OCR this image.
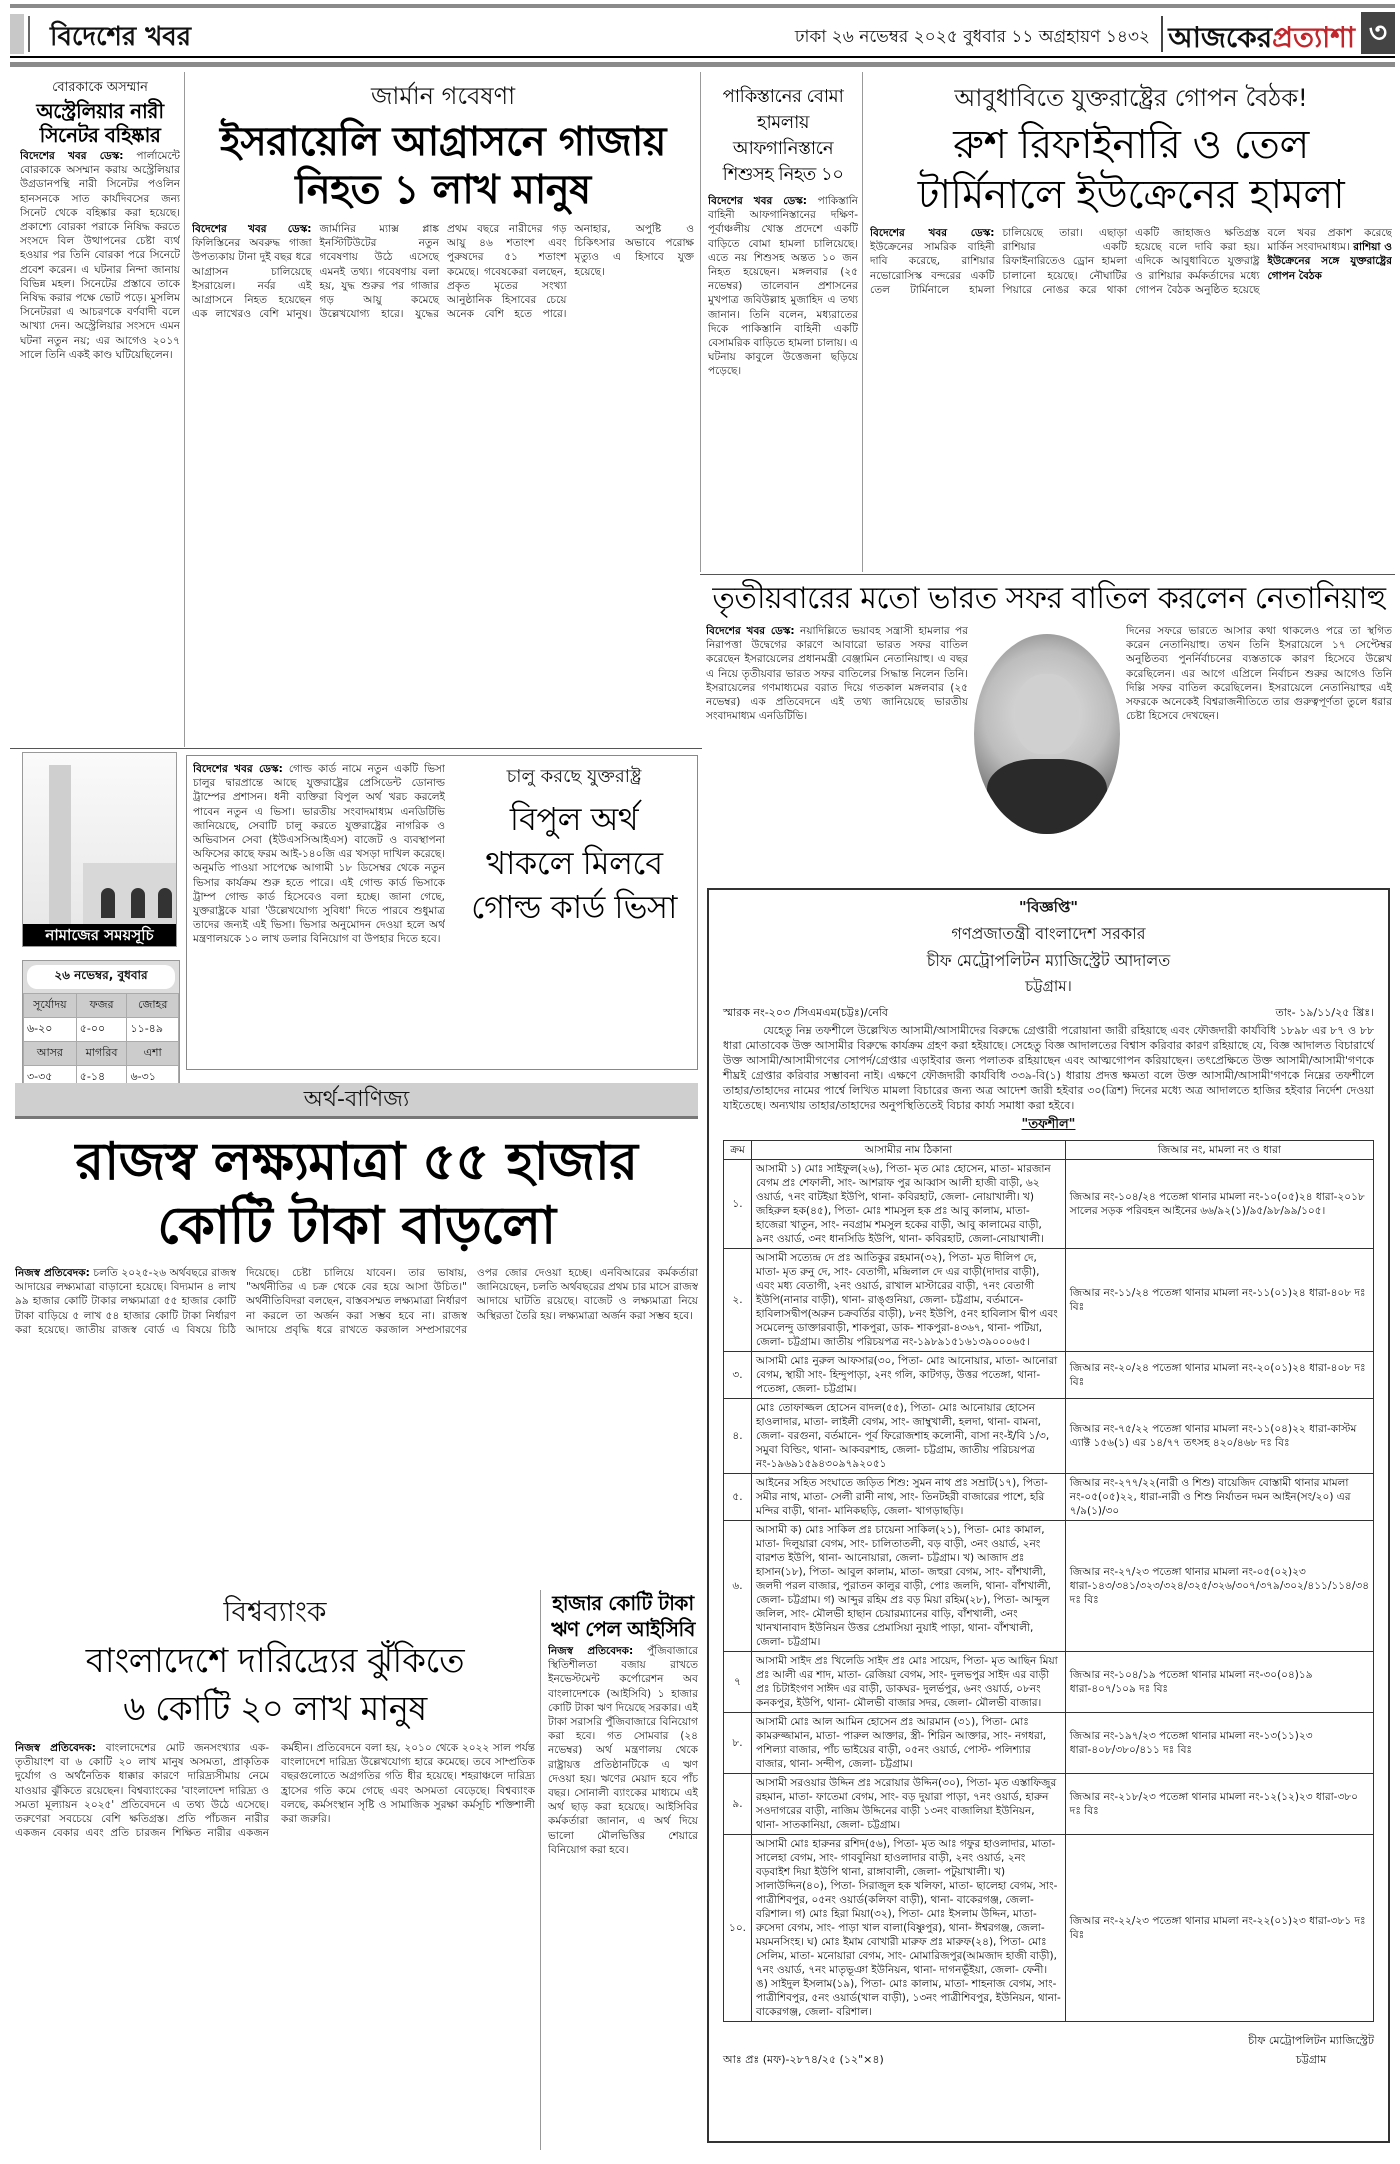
বিদেশের খবর	ঢাকা ২৬ নভেম্বর ২০২৫ বুধবার ১১ অগ্রহায়ণ ১৪৩২ আজকেরপ্রত্যাশা ৩
বোরকাকে অসম্মান
অস্ট্রেলিয়ার নারী
সিনেটর বহিষ্কার
বিদেশের খবর ডেস্ক: পার্লামেন্টে বোরকাকে অসম্মান করায় অস্ট্রেলিয়ার উগ্রডানপন্থি নারী সিনেটর পওলিন হানসনকে সাত কার্যদিবসের জন্য সিনেট থেকে বহিষ্কার করা হয়েছে। প্রকাশ্যে বোরকা পরাকে নিষিদ্ধ করতে সংসদে বিল উত্থাপনের চেষ্টা ব্যর্থ হওয়ার পর তিনি বোরকা পরে সিনেটে প্রবেশ করেন। এ ঘটনার নিন্দা জানায় বিভিন্ন মহল। সিনেটের প্রস্তাবে তাকে নিষিদ্ধ করার পক্ষে ভোট পড়ে। মুসলিম সিনেটররা এ আচরণকে বর্ণবাদী বলে আখ্যা দেন। অস্ট্রেলিয়ার সংসদে এমন ঘটনা নতুন নয়; এর আগেও ২০১৭ সালে তিনি একই কাণ্ড ঘটিয়েছিলেন।
জার্মান গবেষণা
ইসরায়েলি আগ্রাসনে গাজায়
নিহত ১ লাখ মানুষ
বিদেশের খবর ডেস্ক: ফিলিস্তিনের অবরুদ্ধ গাজা উপত্যকায় টানা দুই বছর ধরে আগ্রাসন চালিয়েছে ইসরায়েল। নর্বর এই আগ্রাসনে নিহত হয়েছেন এক লাখেরও বেশি মানুষ। জার্মানির ম্যাক্স প্লাঙ্ক ইনস্টিটিউটের নতুন গবেষণায় উঠে এসেছে এমনই তথ্য। গবেষণায় বলা হয়, যুদ্ধ শুরুর পর গাজার গড় আয়ু কমেছে উল্লেখযোগ্য হারে। যুদ্ধের প্রথম বছরে নারীদের গড় আয়ু ৪৬ শতাংশ এবং পুরুষদের ৫১ শতাংশ কমেছে। গবেষকেরা বলছেন, প্রকৃত মৃতের সংখ্যা আনুষ্ঠানিক হিসাবের চেয়ে অনেক বেশি হতে পারে। অনাহার, অপুষ্টি ও চিকিৎসার অভাবে পরোক্ষ মৃত্যুও এ হিসাবে যুক্ত হয়েছে।
পাকিস্তানের বোমা হামলায় আফগানিস্তানে শিশুসহ নিহত ১০
বিদেশের খবর ডেস্ক: পাকিস্তানি বাহিনী আফগানিস্তানের দক্ষিণ-পূর্বাঞ্চলীয় খোস্ত প্রদেশে একটি বাড়িতে বোমা হামলা চালিয়েছে। এতে নয় শিশুসহ অন্তত ১০ জন নিহত হয়েছেন। মঙ্গলবার (২৫ নভেম্বর) তালেবান প্রশাসনের মুখপাত্র জবিউল্লাহ মুজাহিদ এ তথ্য জানান। তিনি বলেন, মধ্যরাতের দিকে পাকিস্তানি বাহিনী একটি বেসামরিক বাড়িতে হামলা চালায়। এ ঘটনায় কাবুলে উত্তেজনা ছড়িয়ে পড়েছে।
আবুধাবিতে যুক্তরাষ্ট্রের গোপন বৈঠক!
রুশ রিফাইনারি ও তেল
টার্মিনালে ইউক্রেনের হামলা
বিদেশের খবর ডেস্ক: ইউক্রেনের সামরিক বাহিনী দাবি করেছে, রাশিয়ার নভোরোসিস্ক বন্দরের একটি তেল টার্মিনালে হামলা চালিয়েছে তারা। এছাড়া রাশিয়ার একটি রিফাইনারিতেও ড্রোন হামলা চালানো হয়েছে। নৌঘাটির পিয়ারে নোঙর করে থাকা একটি জাহাজও ক্ষতিগ্রস্ত হয়েছে বলে দাবি করা হয়। এদিকে আবুধাবিতে যুক্তরাষ্ট্র ও রাশিয়ার কর্মকর্তাদের মধ্যে গোপন বৈঠক অনুষ্ঠিত হয়েছে বলে খবর প্রকাশ করেছে মার্কিন সংবাদমাধ্যম। রাশিয়া ও ইউক্রেনের সঙ্গে যুক্তরাষ্ট্রের গোপন বৈঠক
তৃতীয়বারের মতো ভারত সফর বাতিল করলেন নেতানিয়াহু
বিদেশের খবর ডেস্ক: নয়াদিল্লিতে ভয়াবহ সন্ত্রাসী হামলার পর নিরাপত্তা উদ্বেগের কারণে আবারো ভারত সফর বাতিল করেছেন ইসরায়েলের প্রধানমন্ত্রী বেঞ্জামিন নেতানিয়াহু। এ বছর এ নিয়ে তৃতীয়বার ভারত সফর বাতিলের সিদ্ধান্ত নিলেন তিনি। ইসরায়েলের গণমাধ্যমের বরাত দিয়ে গতকাল মঙ্গলবার (২৫ নভেম্বর) এক প্রতিবেদনে এই তথ্য জানিয়েছে ভারতীয় সংবাদমাধ্যম এনডিটিভি।
দিনের সফরে ভারতে আসার কথা থাকলেও পরে তা স্থগিত করেন নেতানিয়াহু। তখন তিনি ইসরায়েলে ১৭ সেপ্টেম্বর অনুষ্ঠিতব্য পুনর্নির্বাচনের ব্যস্ততাকে কারণ হিসেবে উল্লেখ করেছিলেন। এর আগে এপ্রিলে নির্বাচন শুরুর আগেও তিনি দিল্লি সফর বাতিল করেছিলেন। ইসরায়েলে নেতানিয়াহুর এই সফরকে অনেকেই বিশ্বরাজনীতিতে তার গুরুত্বপূর্ণতা তুলে ধরার চেষ্টা হিসেবে দেখছেন।
নামাজের সময়সূচি
২৬ নভেম্বর, বুধবার
সূর্যোদয়	ফজর	জোহর
৬-২০	৫-০০	১১-৪৯
আসর	মাগরিব	এশা
৩-৩৫	৫-১৪	৬-৩১
বিদেশের খবর ডেস্ক: গোল্ড কার্ড নামে নতুন একটি ভিসা চালুর দ্বারপ্রান্তে আছে যুক্তরাষ্ট্রের প্রেসিডেন্ট ডোনাল্ড ট্রাম্পের প্রশাসন। ধনী ব্যক্তিরা বিপুল অর্থ খরচ করলেই পাবেন নতুন এ ভিসা। ভারতীয় সংবাদমাধ্যম এনডিটিভি জানিয়েছে, সেবাটি চালু করতে যুক্তরাষ্ট্রের নাগরিক ও অভিবাসন সেবা (ইউএসসিআইএস) বাজেট ও ব্যবস্থাপনা অফিসের কাছে ফরম আই-১৪০জি এর খসড়া দাখিল করেছে। অনুমতি পাওয়া সাপেক্ষে আগামী ১৮ ডিসেম্বর থেকে নতুন ভিসার কার্যক্রম শুরু হতে পারে। এই গোল্ড কার্ড ভিসাকে ট্রাম্প গোল্ড কার্ড হিসেবেও বলা হচ্ছে। জানা গেছে, যুক্তরাষ্ট্রকে যারা 'উল্লেখযোগ্য সুবিধা' দিতে পারবে শুধুমাত্র তাদের জন্যই এই ভিসা। ভিসার অনুমোদন দেওয়া হলে অর্থ মন্ত্রণালয়কে ১০ লাখ ডলার বিনিয়োগ বা উপহার দিতে হবে।
চালু করছে যুক্তরাষ্ট্র
বিপুল অর্থ
থাকলে মিলবে
গোল্ড কার্ড ভিসা
অর্থ-বাণিজ্য
রাজস্ব লক্ষ্যমাত্রা ৫৫ হাজার
কোটি টাকা বাড়লো
নিজস্ব প্রতিবেদক: চলতি ২০২৫-২৬ অর্থবছরে রাজস্ব আদায়ের লক্ষ্যমাত্রা বাড়ানো হয়েছে। বিদ্যমান ৪ লাখ ৯৯ হাজার কোটি টাকার লক্ষ্যমাত্রা ৫৫ হাজার কোটি টাকা বাড়িয়ে ৫ লাখ ৫৪ হাজার কোটি টাকা নির্ধারণ করা হয়েছে। জাতীয় রাজস্ব বোর্ড এ বিষয়ে চিঠি দিয়েছে। চেষ্টা চালিয়ে যাবেন। তার ভাষায়, "অর্থনীতির এ চক্র থেকে বের হয়ে আসা উচিত।" অর্থনীতিবিদরা বলছেন, বাস্তবসম্মত লক্ষ্যমাত্রা নির্ধারণ না করলে তা অর্জন করা সম্ভব হবে না। রাজস্ব আদায়ে প্রবৃদ্ধি ধরে রাখতে করজাল সম্প্রসারণের ওপর জোর দেওয়া হচ্ছে। এনবিআরের কর্মকর্তারা জানিয়েছেন, চলতি অর্থবছরের প্রথম চার মাসে রাজস্ব আদায়ে ঘাটতি রয়েছে। বাজেট ও লক্ষ্যমাত্রা নিয়ে অস্থিরতা তৈরি হয়। লক্ষ্যমাত্রা অর্জন করা সম্ভব হবে।
বিশ্বব্যাংক
বাংলাদেশে দারিদ্র্যের ঝুঁকিতে
৬ কোটি ২০ লাখ মানুষ
নিজস্ব প্রতিবেদক: বাংলাদেশের মোট জনসংখ্যার এক-তৃতীয়াংশ বা ৬ কোটি ২০ লাখ মানুষ অসমতা, প্রাকৃতিক দুর্যোগ ও অর্থনৈতিক ধাক্কার কারণে দারিদ্র্যসীমায় নেমে যাওয়ার ঝুঁকিতে রয়েছেন। বিশ্বব্যাংকের 'বাংলাদেশ দারিদ্র্য ও সমতা মূল্যায়ন ২০২৫' প্রতিবেদনে এ তথ্য উঠে এসেছে। তরুণেরা সবচেয়ে বেশি ক্ষতিগ্রস্ত। প্রতি পাঁচজন নারীর একজন বেকার এবং প্রতি চারজন শিক্ষিত নারীর একজন কর্মহীন। প্রতিবেদনে বলা হয়, ২০১০ থেকে ২০২২ সাল পর্যন্ত বাংলাদেশে দারিদ্র্য উল্লেখযোগ্য হারে কমেছে। তবে সাম্প্রতিক বছরগুলোতে অগ্রগতির গতি ধীর হয়েছে। শহরাঞ্চলে দারিদ্র্য হ্রাসের গতি কমে গেছে এবং অসমতা বেড়েছে। বিশ্বব্যাংক বলছে, কর্মসংস্থান সৃষ্টি ও সামাজিক সুরক্ষা কর্মসূচি শক্তিশালী করা জরুরি।
হাজার কোটি টাকা
ঋণ পেল আইসিবি
নিজস্ব প্রতিবেদক: পুঁজিবাজারে স্থিতিশীলতা বজায় রাখতে ইনভেস্টমেন্ট কর্পোরেশন অব বাংলাদেশকে (আইসিবি) ১ হাজার কোটি টাকা ঋণ দিয়েছে সরকার। এই টাকা সরাসরি পুঁজিবাজারে বিনিয়োগ করা হবে। গত সোমবার (২৪ নভেম্বর) অর্থ মন্ত্রণালয় থেকে রাষ্ট্রায়ত্ত প্রতিষ্ঠানটিকে এ ঋণ দেওয়া হয়। ঋণের মেয়াদ হবে পাঁচ বছর। সোনালী ব্যাংকের মাধ্যমে এই অর্থ ছাড় করা হয়েছে। আইসিবির কর্মকর্তারা জানান, এ অর্থ দিয়ে ভালো মৌলভিত্তির শেয়ারে বিনিয়োগ করা হবে।
"বিজ্ঞপ্তি"
গণপ্রজাতন্ত্রী বাংলাদেশ সরকার
চীফ মেট্রোপলিটন ম্যাজিস্ট্রেট আদালত
চট্টগ্রাম।
স্মারক নং-২০৩ /সিএমএম(চট্টঃ)/নেবি	তাং- ১৯/১১/২৫ খ্রিঃ।
যেহেতু নিম্ন তফশীলে উল্লেখিত আসামী/আসামীদের বিরুদ্ধে গ্রেপ্তারী পরোয়ানা জারী রহিয়াছে এবং ফৌজদারী কার্যবিধি ১৮৯৮ এর ৮৭ ও ৮৮ ধারা মোতাবেক উক্ত আসামীর বিরুদ্ধে কার্যক্রম গ্রহণ করা হইয়াছে। সেহেতু বিজ্ঞ আদালতের বিশ্বাস করিবার কারণ রহিয়াছে যে, বিজ্ঞ আদালত বিচারার্থে উক্ত আসামী/আসামীগণের সোপর্দ/গ্রেপ্তার এড়াইবার জন্য পলাতক রহিয়াছেন এবং আত্মগোপন করিয়াছেন। তৎপ্রেক্ষিতে উক্ত আসামী/আসামী'গণকে শীঘ্রই গ্রেপ্তার করিবার সম্ভাবনা নাই। এক্ষণে ফৌজদারী কার্যবিধি ৩৩৯-বি(১) ধারায় প্রদত্ত ক্ষমতা বলে উক্ত আসামী/আসামী'গণকে নিম্নের তফশীলে তাহার/তাহাদের নামের পার্শ্বে লিখিত মামলা বিচারের জন্য অত্র আদেশ জারী হইবার ৩০(ত্রিশ) দিনের মধ্যে অত্র আদালতে হাজির হইবার নির্দেশ দেওয়া যাইতেছে। অন্যথায় তাহার/তাহাদের অনুপস্থিতিতেই বিচার কার্য্য সমাধা করা হইবে।
"তফশীল"
ক্রম	আসামীর নাম ঠিকানা	জিআর নং, মামলা নং ও ধারা
১.	আসামী ১) মোঃ সাইফুল(২৬), পিতা- মৃত মোঃ হোসেন, মাতা- মারজান বেগম প্রঃ শেফালী, সাং- আশরাফ পুর আব্বাস আলী হাজী বাড়ী, ৬২ ওয়ার্ড, ৭নং বাটইয়া ইউপি, থানা- কবিরহাট, জেলা- নোয়াখালী। খ) জহিরুল হক(৪৫), পিতা- মোঃ শামসুল হক প্রঃ আবু কালাম, মাতা- হাজেরা খাতুন, সাং- নবগ্রাম শমসুল হকের বাড়ী, আবু কালামের বাড়ী, ৯নং ওয়ার্ড, ৩নং ধানসিডি ইউপি, থানা- কবিরহাট, জেলা-নোয়াখালী।	জিআর নং-১০৪/২৪ পতেঙ্গা থানার মামলা নং-১০(০৫)২৪ ধারা-২০১৮ সালের সড়ক পরিবহন আইনের ৬৬/৯২(১)/৯৫/৯৮/৯৯/১০৫।
২.	আসামী সত্যেন্দ্র দে প্রঃ আতিকুর রহমান(৩২), পিতা- মৃত দীলিপ দে, মাতা- মৃত রুনু দে, সাং- বেতাগী, মন্দ্রিলাল দে এর বাড়ী(দাদার বাড়ী), এবং মধ্য বেতাগী, ২নং ওয়ার্ড, রাখাল মাস্টারের বাড়ী, ৭নং বেতাগী ইউপি(নানার বাড়ী), থানা- রাঙ্গুনিয়া, জেলা- চট্টগ্রাম, বর্তমানে- হাবিলাসদ্বীপ(অরুন চক্রবর্তির বাড়ী), ৮নং ইউপি, ৫নং হাবিলাস দ্বীপ এবং সমেলেন্দু ডাক্তারবাড়ী, শাকপুরা, ডাক- শাকপুরা-৪৩৬৭, থানা- পটিয়া, জেলা- চট্টগ্রাম। জাতীয় পরিচয়পত্র নং-১৯৮৯১৫১৬১৩৯০০০৬৫।	জিআর নং-১১/২৪ পতেঙ্গা থানার মামলা নং-১১(০১)২৪ ধারা-৪০৮ দঃ বিঃ
৩.	আসামী মোঃ নুরুল আফসার(৩০, পিতা- মোঃ আনোয়ার, মাতা- আনোরা বেগম, স্থায়ী সাং- হিন্দুপাড়া, ২নং গলি, কাটগড়, উত্তর পতেঙ্গা, থানা- পতেঙ্গা, জেলা- চট্টগ্রাম।	জিআর নং-২০/২৪ পতেঙ্গা থানার মামলা নং-২০(০১)২৪ ধারা-৪০৮ দঃ বিঃ
৪.	মোঃ তোফাজ্জল হোসেন বাদল(৫৫), পিতা- মোঃ আনোয়ার হোসেন হাওলাদার, মাতা- লাইলী বেগম, সাং- জাম্বুখালী, হলদা, থানা- বামনা, জেলা- বরগুনা, বর্তমানে- পূর্ব ফিরোজশাহ কলোনী, বাসা নং-ই/বি ১/৩, সমুবা বিল্ডিং, থানা- আকবরশাহ, জেলা- চট্টগ্রাম, জাতীয় পরিচয়পত্র নং-১৯৬৯১৫৯৪৩০৯৭৯২০৫১	জিআর নং-৭৫/২২ পতেঙ্গা থানার মামলা নং-১১(০৪)২২ ধারা-কাস্টম এ্যাক্ট ১৫৬(১) এর ১৪/৭৭ তৎসহ ৪২০/৪৬৮ দঃ বিঃ
৫.	আইনের সহিত সংঘাতে জড়িত শিশু: সুমন নাথ প্রঃ সম্রাট(১৭), পিতা- সমীর নাথ, মাতা- সেলী রানী নাথ, সাং- তিনটহরী বাজারের পাশে, হরি মন্দির বাড়ী, থানা- মানিকছড়ি, জেলা- খাগড়াছড়ি।	জিআর নং-২৭৭/২২(নারী ও শিশু) বায়েজিদ বোস্তামী থানার মামলা নং-০৫(০৫)২২, ধারা-নারী ও শিশু নির্যাতন দমন আইন(সং/২০) এর ৭/৯(১)/৩০
৬.	আসামী ক) মোঃ সাকিল প্রঃ চায়েনা সাকিল(২১), পিতা- মোঃ কামাল, মাতা- দিলুয়ারা বেগম, সাং- চালিতাতলী, বড় বাড়ী, ৩নং ওয়ার্ড, ২নং বারশত ইউপি, থানা- আনোয়ারা, জেলা- চট্টগ্রাম। খ) আজাদ প্রঃ হাসান(১৮), পিতা- আবুল কালাম, মাতা- জহুরা বেগম, সাং- বাঁশখালী, জলদী পরল বাজার, পুরাতন কালুর বাড়ী, পোঃ জলদি, থানা- বাঁশখালী, জেলা- চট্টগ্রাম। গ) আব্দুর রহিম প্রঃ বড় মিয়া রহিম(২৮), পিতা- আব্দুল জলিল, সাং- মৌলভী হাছান চেয়ারম্যানের বাড়ি, বাঁশখালী, ৩নং খানখানাবাদ ইউনিয়ন উত্তর প্রেমাসিয়া নুয়াই পাড়া, থানা- বাঁশখালী, জেলা- চট্টগ্রাম।	জিআর নং-২৭/২৩ পতেঙ্গা থানার মামলা নং-০৫(০২)২৩ ধারা-১৪৩/৩৪১/৩২৩/৩২৪/৩২৫/৩২৬/৩০৭/৩৭৯/৩০২/৪১১/১১৪/৩৪ দঃ বিঃ
৭	আসামী সাইদ প্রঃ খিলেডি সাইদ প্রঃ মোঃ সায়েদ, পিতা- মৃত আছিন মিয়া প্রঃ আলী এর শাদ, মাতা- রেজিয়া বেগম, সাং- দুলভপুর সাইদ এর বাড়ী প্রঃ চিটাইংগণ সাঈদ এর বাড়ী, ডাকঘর- দুলর্ভপুর, ৬নং ওয়ার্ড, ০৮নং কনকপুর, ইউপি, থানা- মৌলভী বাজার সদর, জেলা- মৌলভী বাজার।	জিআর নং-১০৪/১৯ পতেঙ্গা থানার মামলা নং-৩০(০৪)১৯ ধারা-৪০৭/১০৯ দঃ বিঃ
৮.	আসামী মোঃ আল আমিন হোসেন প্রঃ আরমান (৩১), পিতা- মোঃ কামরুজ্জামান, মাতা- পারুল আক্তার, স্ত্রী- শিরিন আক্তার, সাং- নগধরা, পশিল্যা বাজার, পাঁচ ভাইয়ের বাড়ী, ০৫নং ওয়ার্ড, পোস্ট- পলিশ্যার বাজার, থানা- সন্দীপ, জেলা- চট্টগ্রাম।	জিআর নং-১৯৭/২৩ পতেঙ্গা থানার মামলা নং-১৩(১১)২৩ ধারা-৪০৮/৩৮০/৪১১ দঃ বিঃ
৯.	আসামী সরওয়ার উদ্দিন প্রঃ সরোয়ার উদ্দিন(৩০), পিতা- মৃত এস্তাফিজুর রহমান, মাতা- ফাতেমা বেগম, সাং- বড় দুয়ারা পাড়া, ৭নং ওয়ার্ড, হারুন সওদাগরের বাড়ী, নাজিম উদ্দিনের বাড়ী ১৩নং বাজালিয়া ইউনিয়ন, থানা- সাতকানিয়া, জেলা- চট্টগ্রাম।	জিআর নং-২১৮/২৩ পতেঙ্গা থানার মামলা নং-১২(১২)২৩ ধারা-৩৮০ দঃ বিঃ
১০.	আসামী মোঃ হারুনর রশিদ(৫৬), পিতা- মৃত আঃ গফুর হাওলাদার, মাতা- সালেহা বেগম, সাং- গাববুনিয়া হাওলাদার বাড়ী, ২নং ওয়ার্ড, ২নং বড়বাইশ দিয়া ইউপি থানা, রাঙ্গাবালী, জেলা- পটুয়াখালী। খ) সালাউদ্দিন(৪০), পিতা- সিরাজুল হক খলিফা, মাতা- ছালেহা বেগম, সাং- পাত্রীশিবপুর, ০৫নং ওয়ার্ড(কলিফা বাড়ী), থানা- বাকেরগঞ্জ, জেলা- বরিশাল। গ) মোঃ হিরা মিয়া(৩২), পিতা- মোঃ ইসলাম উদ্দিন, মাতা- রুসেদা বেগম, সাং- পাড়া খাল বালা(বিষ্ণুপুর), থানা- ঈশ্বরগঞ্জ, জেলা- ময়মনসিংহ। ঘ) মোঃ ইমাম বোখারী মারুফ প্রঃ মারুফ(২৪), পিতা- মোঃ সেলিম, মাতা- মনোয়ারা বেগম, সাং- মোমারিজপুর(আমজাদ হাজী বাড়ী), ৭নং ওয়ার্ড, ৭নং মাতৃভূঞা ইউনিয়ন, থানা- দাগনভূঁইয়া, জেলা- ফেনী। ঙ) সাইদুল ইসলাম(১৯), পিতা- মোঃ কালাম, মাতা- শাহনাজ বেগম, সাং- পাত্রীশিবপুর, ৫নং ওয়ার্ড(খাল বাড়ী), ১৩নং পাত্রীশিবপুর, ইউনিয়ন, থানা- বাকেরগঞ্জ, জেলা- বরিশাল।	জিআর নং-২২/২৩ পতেঙ্গা থানার মামলা নং-২২(০১)২৩ ধারা-৩৮১ দঃ বিঃ
আঃ প্রঃ (মফ)-২৮৭৪/২৫ (১২"×৪)
চীফ মেট্রোপলিটন ম্যাজিস্ট্রেট
চট্টগ্রাম
